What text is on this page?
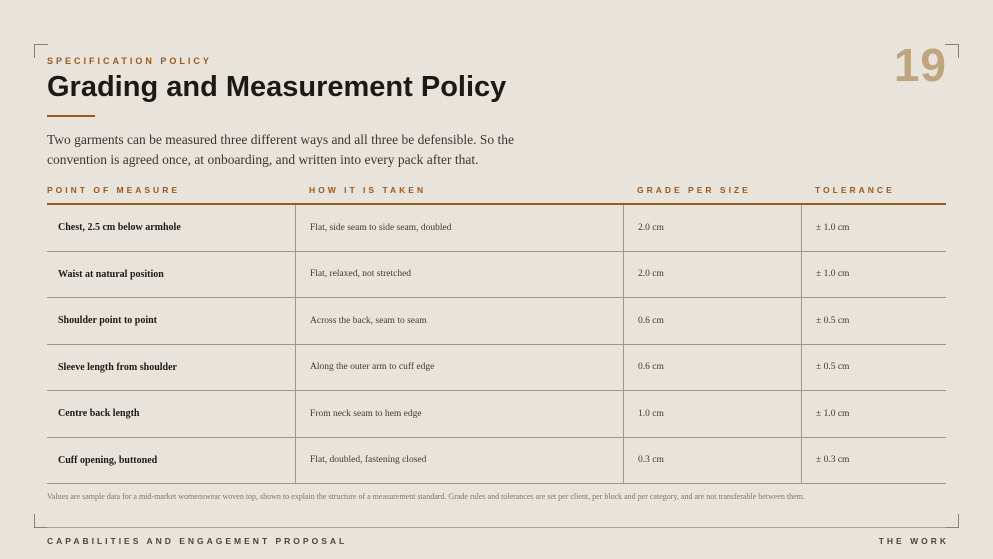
SPECIFICATION POLICY	19
Grading and Measurement Policy

Two garments can be measured three different ways and all three be defensible. So the convention is agreed once, at onboarding, and written into every pack after that.

POINT OF MEASURE	HOW IT IS TAKEN	GRADE PER SIZE	TOLERANCE
Chest, 2.5 cm below armhole	Flat, side seam to side seam, doubled	2.0 cm	± 1.0 cm
Waist at natural position	Flat, relaxed, not stretched	2.0 cm	± 1.0 cm
Shoulder point to point	Across the back, seam to seam	0.6 cm	± 0.5 cm
Sleeve length from shoulder	Along the outer arm to cuff edge	0.6 cm	± 0.5 cm
Centre back length	From neck seam to hem edge	1.0 cm	± 1.0 cm
Cuff opening, buttoned	Flat, doubled, fastening closed	0.3 cm	± 0.3 cm

Values are sample data for a mid-market womenswear woven top, shown to explain the structure of a measurement standard. Grade rules and tolerances are set per client, per block and per category, and are not transferable between them.

CAPABILITIES AND ENGAGEMENT PROPOSAL	THE WORK
